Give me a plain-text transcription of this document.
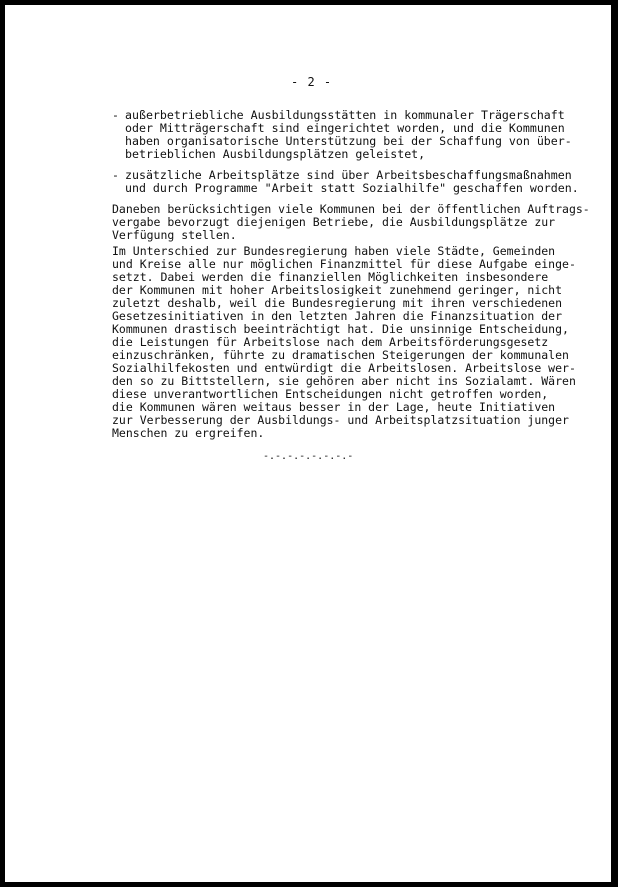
- 2 -
- außerbetriebliche Ausbildungsstätten in kommunaler Trägerschaft
oder Mitträgerschaft sind eingerichtet worden, und die Kommunen
haben organisatorische Unterstützung bei der Schaffung von über-
betrieblichen Ausbildungsplätzen geleistet,
- zusätzliche Arbeitsplätze sind über Arbeitsbeschaffungsmaßnahmen
und durch Programme "Arbeit statt Sozialhilfe" geschaffen worden.
Daneben berücksichtigen viele Kommunen bei der öffentlichen Auftrags-
vergabe bevorzugt diejenigen Betriebe, die Ausbildungsplätze zur
Verfügung stellen.
Im Unterschied zur Bundesregierung haben viele Städte, Gemeinden
und Kreise alle nur möglichen Finanzmittel für diese Aufgabe einge-
setzt. Dabei werden die finanziellen Möglichkeiten insbesondere
der Kommunen mit hoher Arbeitslosigkeit zunehmend geringer, nicht
zuletzt deshalb, weil die Bundesregierung mit ihren verschiedenen
Gesetzesinitiativen in den letzten Jahren die Finanzsituation der
Kommunen drastisch beeinträchtigt hat. Die unsinnige Entscheidung,
die Leistungen für Arbeitslose nach dem Arbeitsförderungsgesetz
einzuschränken, führte zu dramatischen Steigerungen der kommunalen
Sozialhilfekosten und entwürdigt die Arbeitslosen. Arbeitslose wer-
den so zu Bittstellern, sie gehören aber nicht ins Sozialamt. Wären
diese unverantwortlichen Entscheidungen nicht getroffen worden,
die Kommunen wären weitaus besser in der Lage, heute Initiativen
zur Verbesserung der Ausbildungs- und Arbeitsplatzsituation junger
Menschen zu ergreifen.
-.-.-.-.-.-.-.-
